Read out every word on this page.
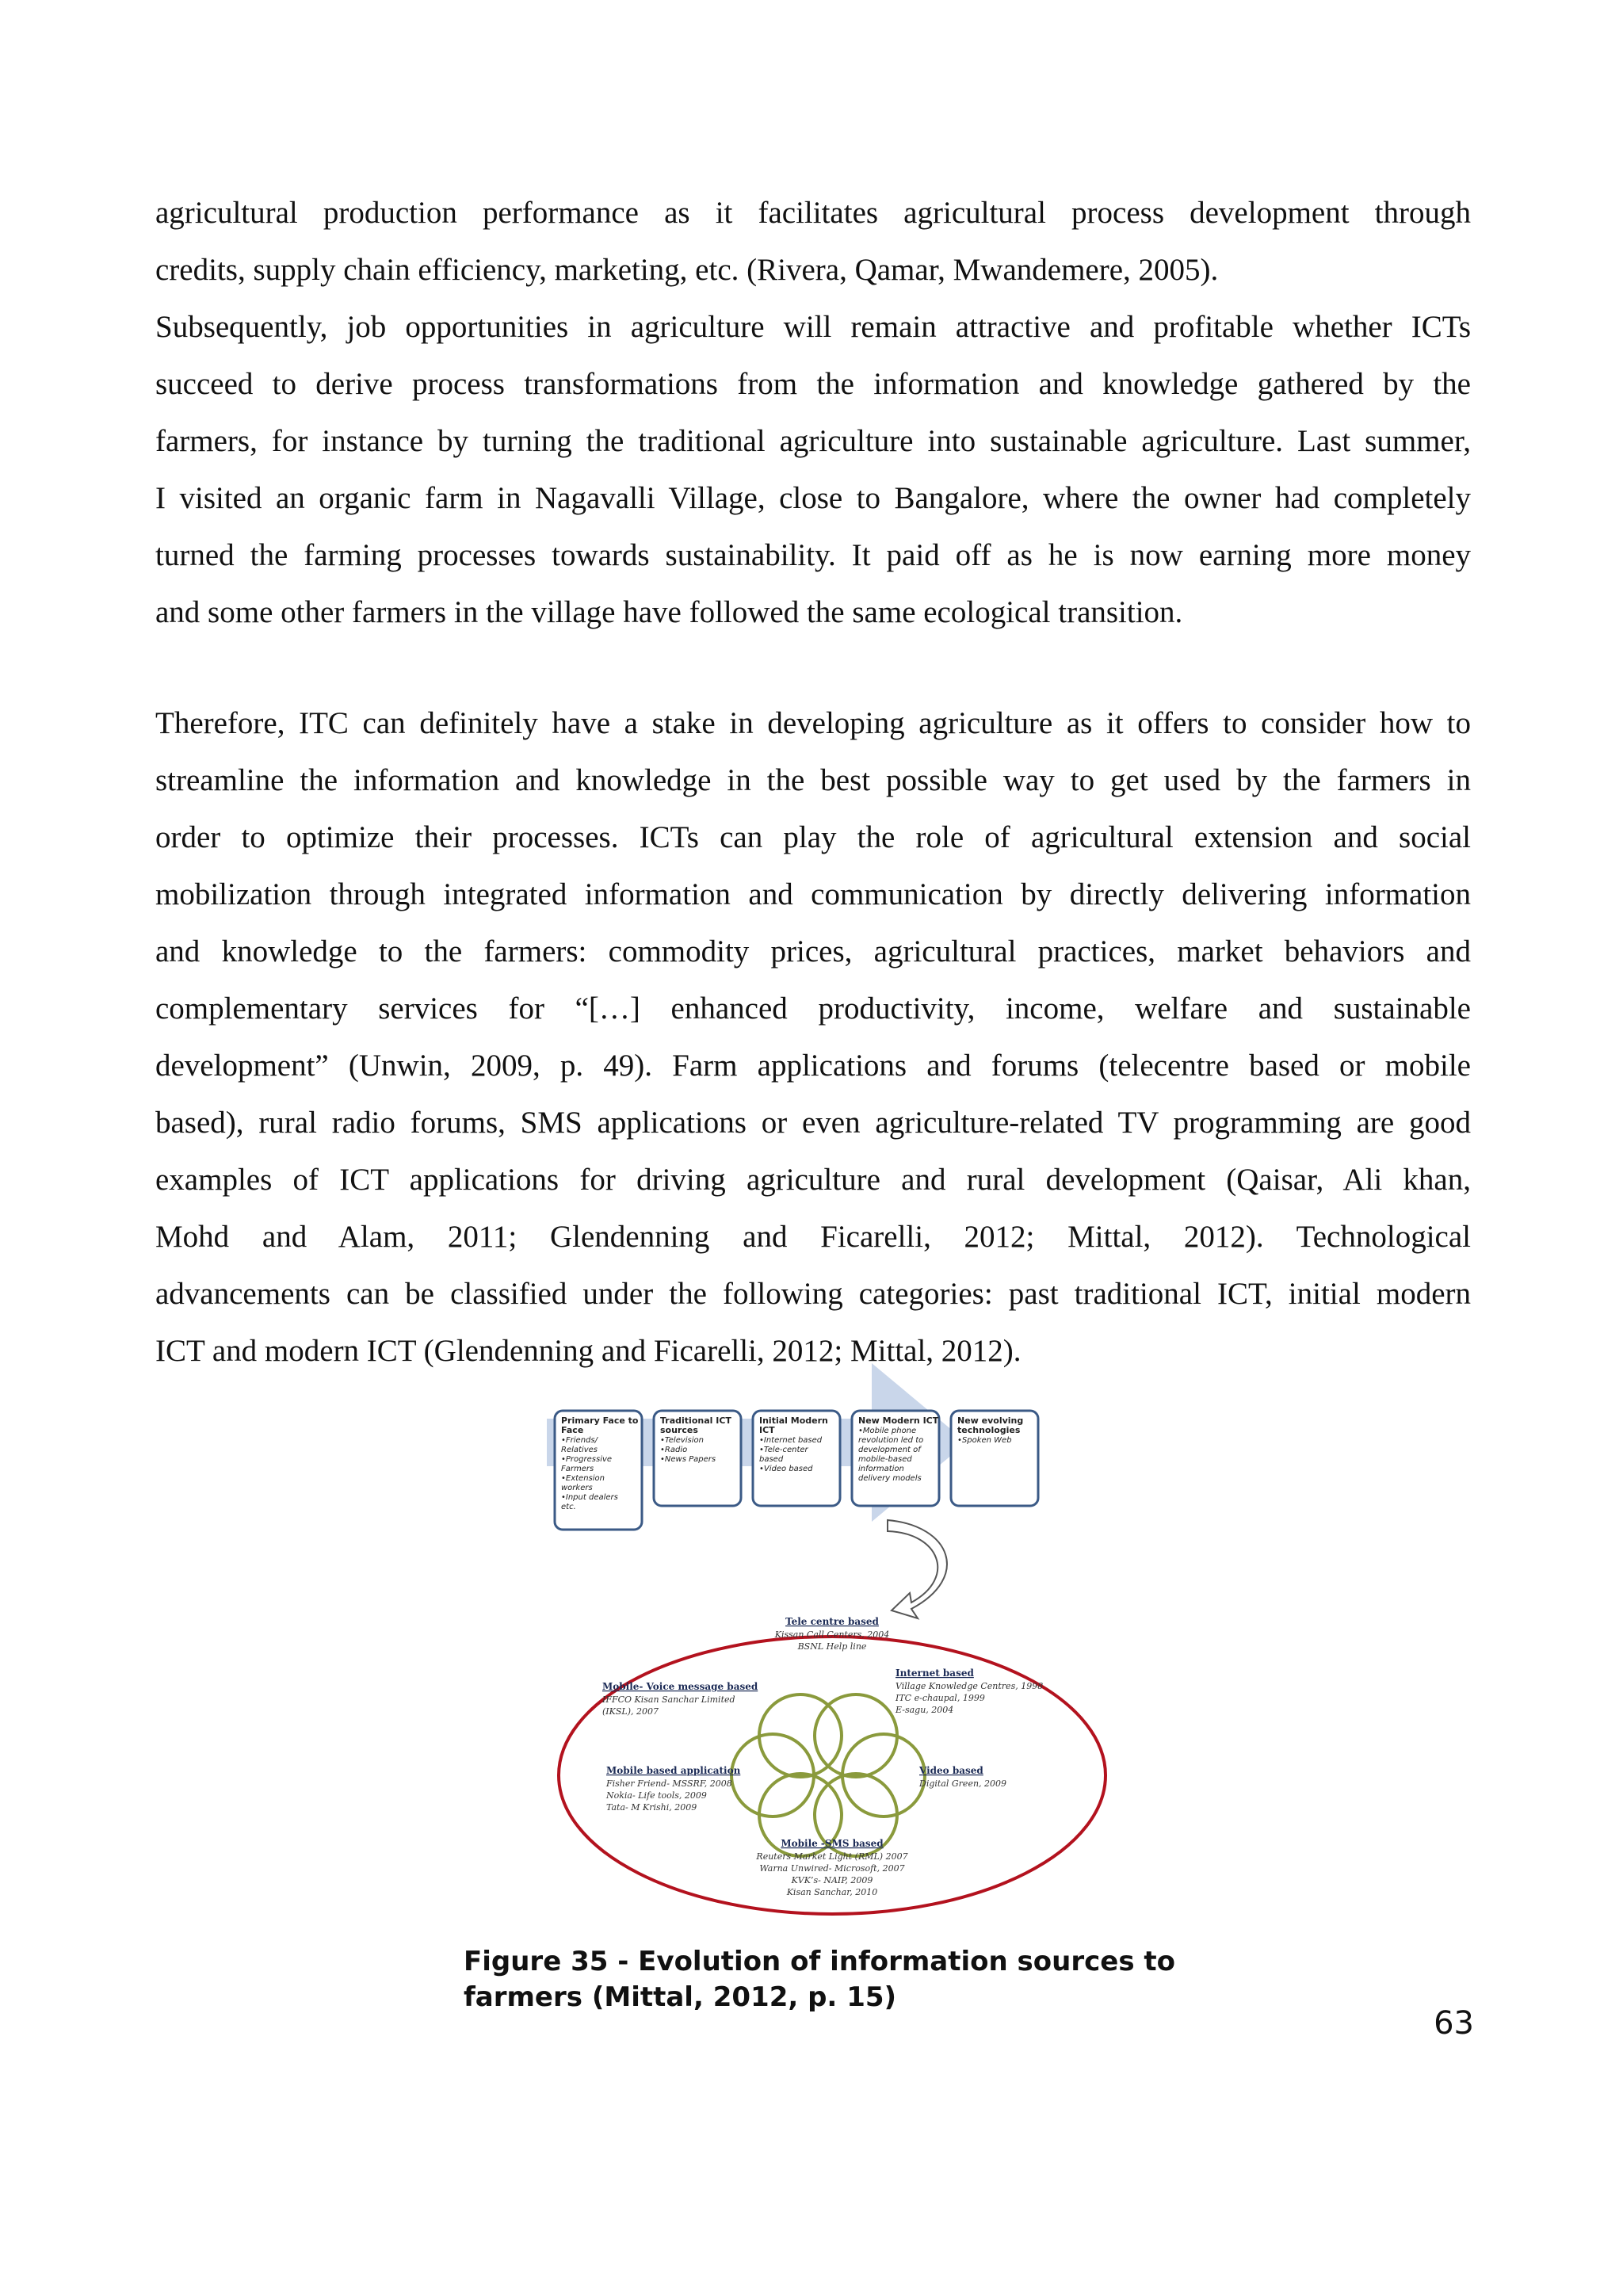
agricultural production performance as it facilitates agricultural process development through
credits, supply chain efficiency, marketing, etc. (Rivera, Qamar, Mwandemere, 2005).
Subsequently, job opportunities in agriculture will remain attractive and profitable whether ICTs
succeed to derive process transformations from the information and knowledge gathered by the
farmers, for instance by turning the traditional agriculture into sustainable agriculture. Last summer,
I visited an organic farm in Nagavalli Village, close to Bangalore, where the owner had completely
turned the farming processes towards sustainability. It paid off as he is now earning more money
and some other farmers in the village have followed the same ecological transition.
Therefore, ITC can definitely have a stake in developing agriculture as it offers to consider how to
streamline the information and knowledge in the best possible way to get used by the farmers in
order to optimize their processes. ICTs can play the role of agricultural extension and social
mobilization through integrated information and communication by directly delivering information
and knowledge to the farmers: commodity prices, agricultural practices, market behaviors and
complementary services for “[…] enhanced productivity, income, welfare and sustainable
development” (Unwin, 2009, p. 49). Farm applications and forums (telecentre based or mobile
based), rural radio forums, SMS applications or even agriculture-related TV programming are good
examples of ICT applications for driving agriculture and rural development (Qaisar, Ali khan,
Mohd and Alam, 2011; Glendenning and Ficarelli, 2012; Mittal, 2012). Technological
advancements can be classified under the following categories: past traditional ICT, initial modern
ICT and modern ICT (Glendenning and Ficarelli, 2012; Mittal, 2012).
Primary Face to
Face
•Friends/
Relatives
•Progressive
Farmers
•Extension
workers
•Input dealers
etc.
Traditional ICT
sources
•Television
•Radio
•News Papers
Initial Modern
ICT
•Internet based
•Tele-center
based
•Video based
New Modern ICT
•Mobile phone
revolution led to
development of
mobile-based
information
delivery models
New evolving
technologies
•Spoken Web
Tele centre based
Kissan Call Centers, 2004
BSNL Help line
Internet based
Village Knowledge Centres, 1998
ITC e-chaupal, 1999
E-sagu, 2004
Mobile- Voice message based
IFFCO Kisan Sanchar Limited
(IKSL), 2007
Mobile based application
Fisher Friend- MSSRF, 2008
Nokia- Life tools, 2009
Tata- M Krishi, 2009
Video based
Digital Green, 2009
Mobile -SMS based
Reuters Market Light (RML) 2007
Warna Unwired- Microsoft, 2007
KVK’s- NAIP, 2009
Kisan Sanchar, 2010
Figure 35 - Evolution of information sources to
farmers (Mittal, 2012, p. 15)
63
